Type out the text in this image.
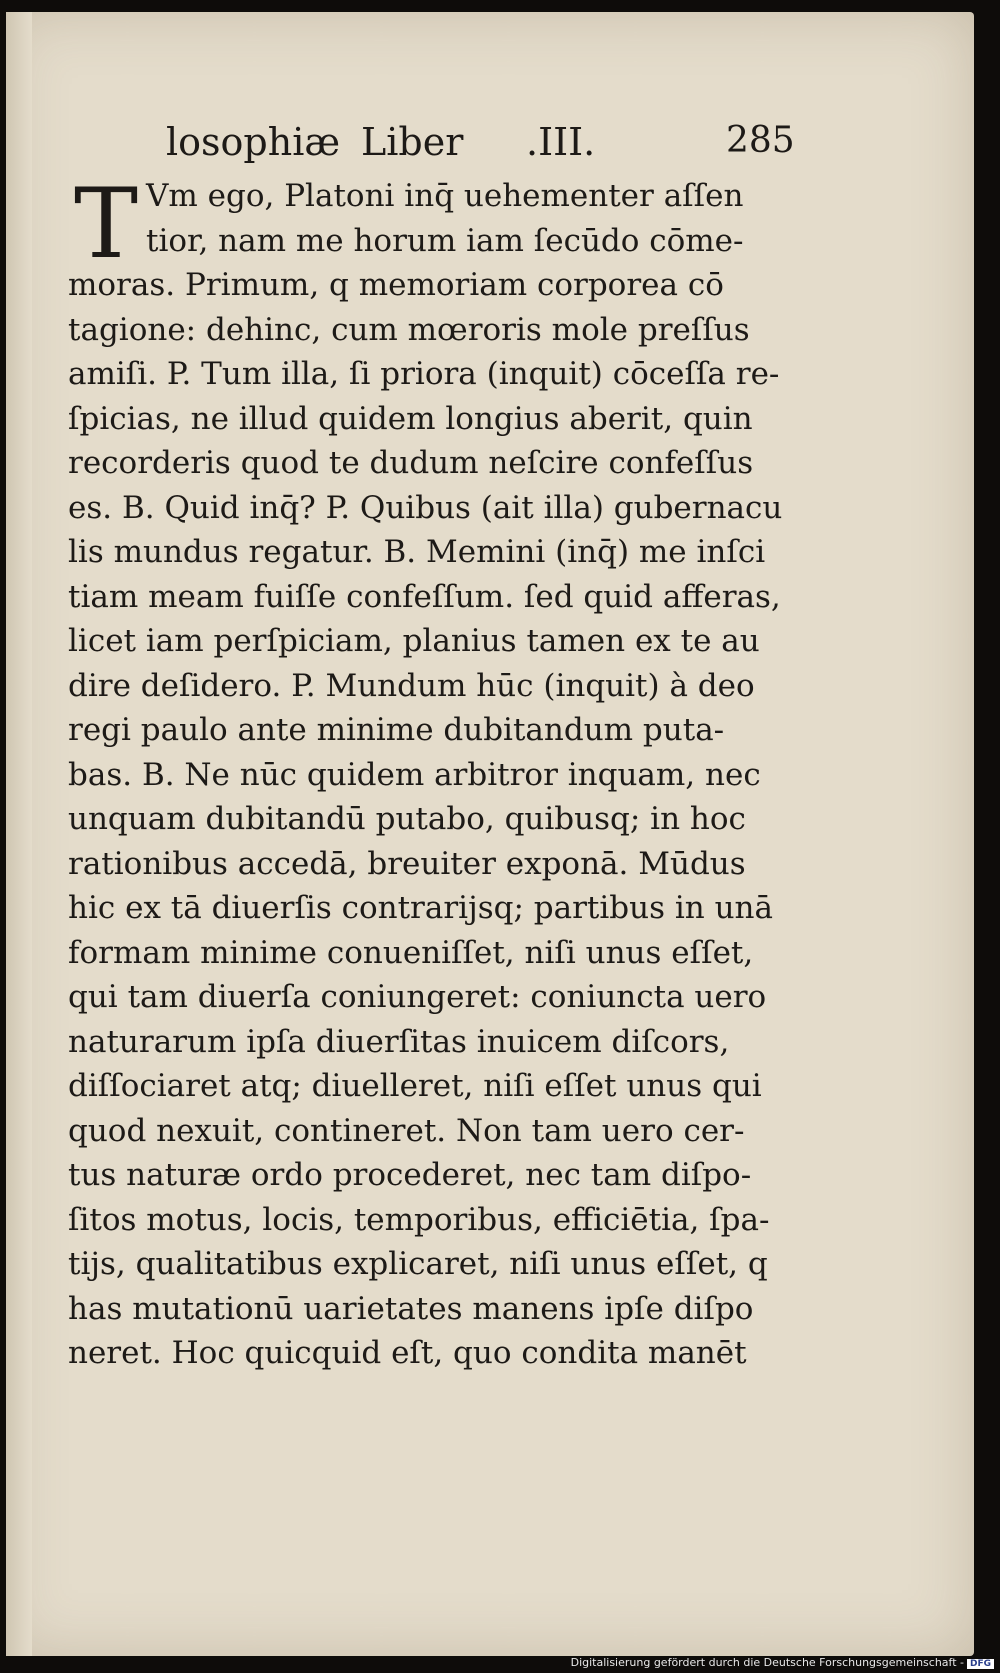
losophiæ Liber .III.	285
T Vm ego, Platoni inq̄ uehementer aſſen
tior, nam me horum iam ſecūdo cōme-
moras. Primum, q memoriam corporea cō
tagione: dehinc, cum mœroris mole preſſus
amiſi. P. Tum illa, ſi priora (inquit) cōceſſa re-
ſpicias, ne illud quidem longius aberit, quin
recorderis quod te dudum neſcire confeſſus
es. B. Quid inq̄? P. Quibus (ait illa) gubernacu
lis mundus regatur. B. Memini (inq̄) me inſci
tiam meam fuiſſe confeſſum. ſed quid afferas,
licet iam perſpiciam, planius tamen ex te au
dire deſidero. P. Mundum hūc (inquit) à deo
regi paulo ante minime dubitandum puta-
bas. B. Ne nūc quidem arbitror inquam, nec
unquam dubitandū putabo, quibusq; in hoc
rationibus accedā, breuiter exponā. Mūdus
hic ex tā diuerſis contrarijsq; partibus in unā
formam minime conueniſſet, niſi unus eſſet,
qui tam diuerſa coniungeret: coniuncta uero
naturarum ipſa diuerſitas inuicem diſcors,
diſſociaret atq; diuelleret, niſi eſſet unus qui
quod nexuit, contineret. Non tam uero cer-
tus naturæ ordo procederet, nec tam diſpo-
ſitos motus, locis, temporibus, efficiētia, ſpa-
tijs, qualitatibus explicaret, niſi unus eſſet, q
has mutationū uarietates manens ipſe diſpo
neret. Hoc quicquid eſt, quo condita manēt
Digitalisierung gefördert durch die Deutsche Forschungsgemeinschaft - DFG
